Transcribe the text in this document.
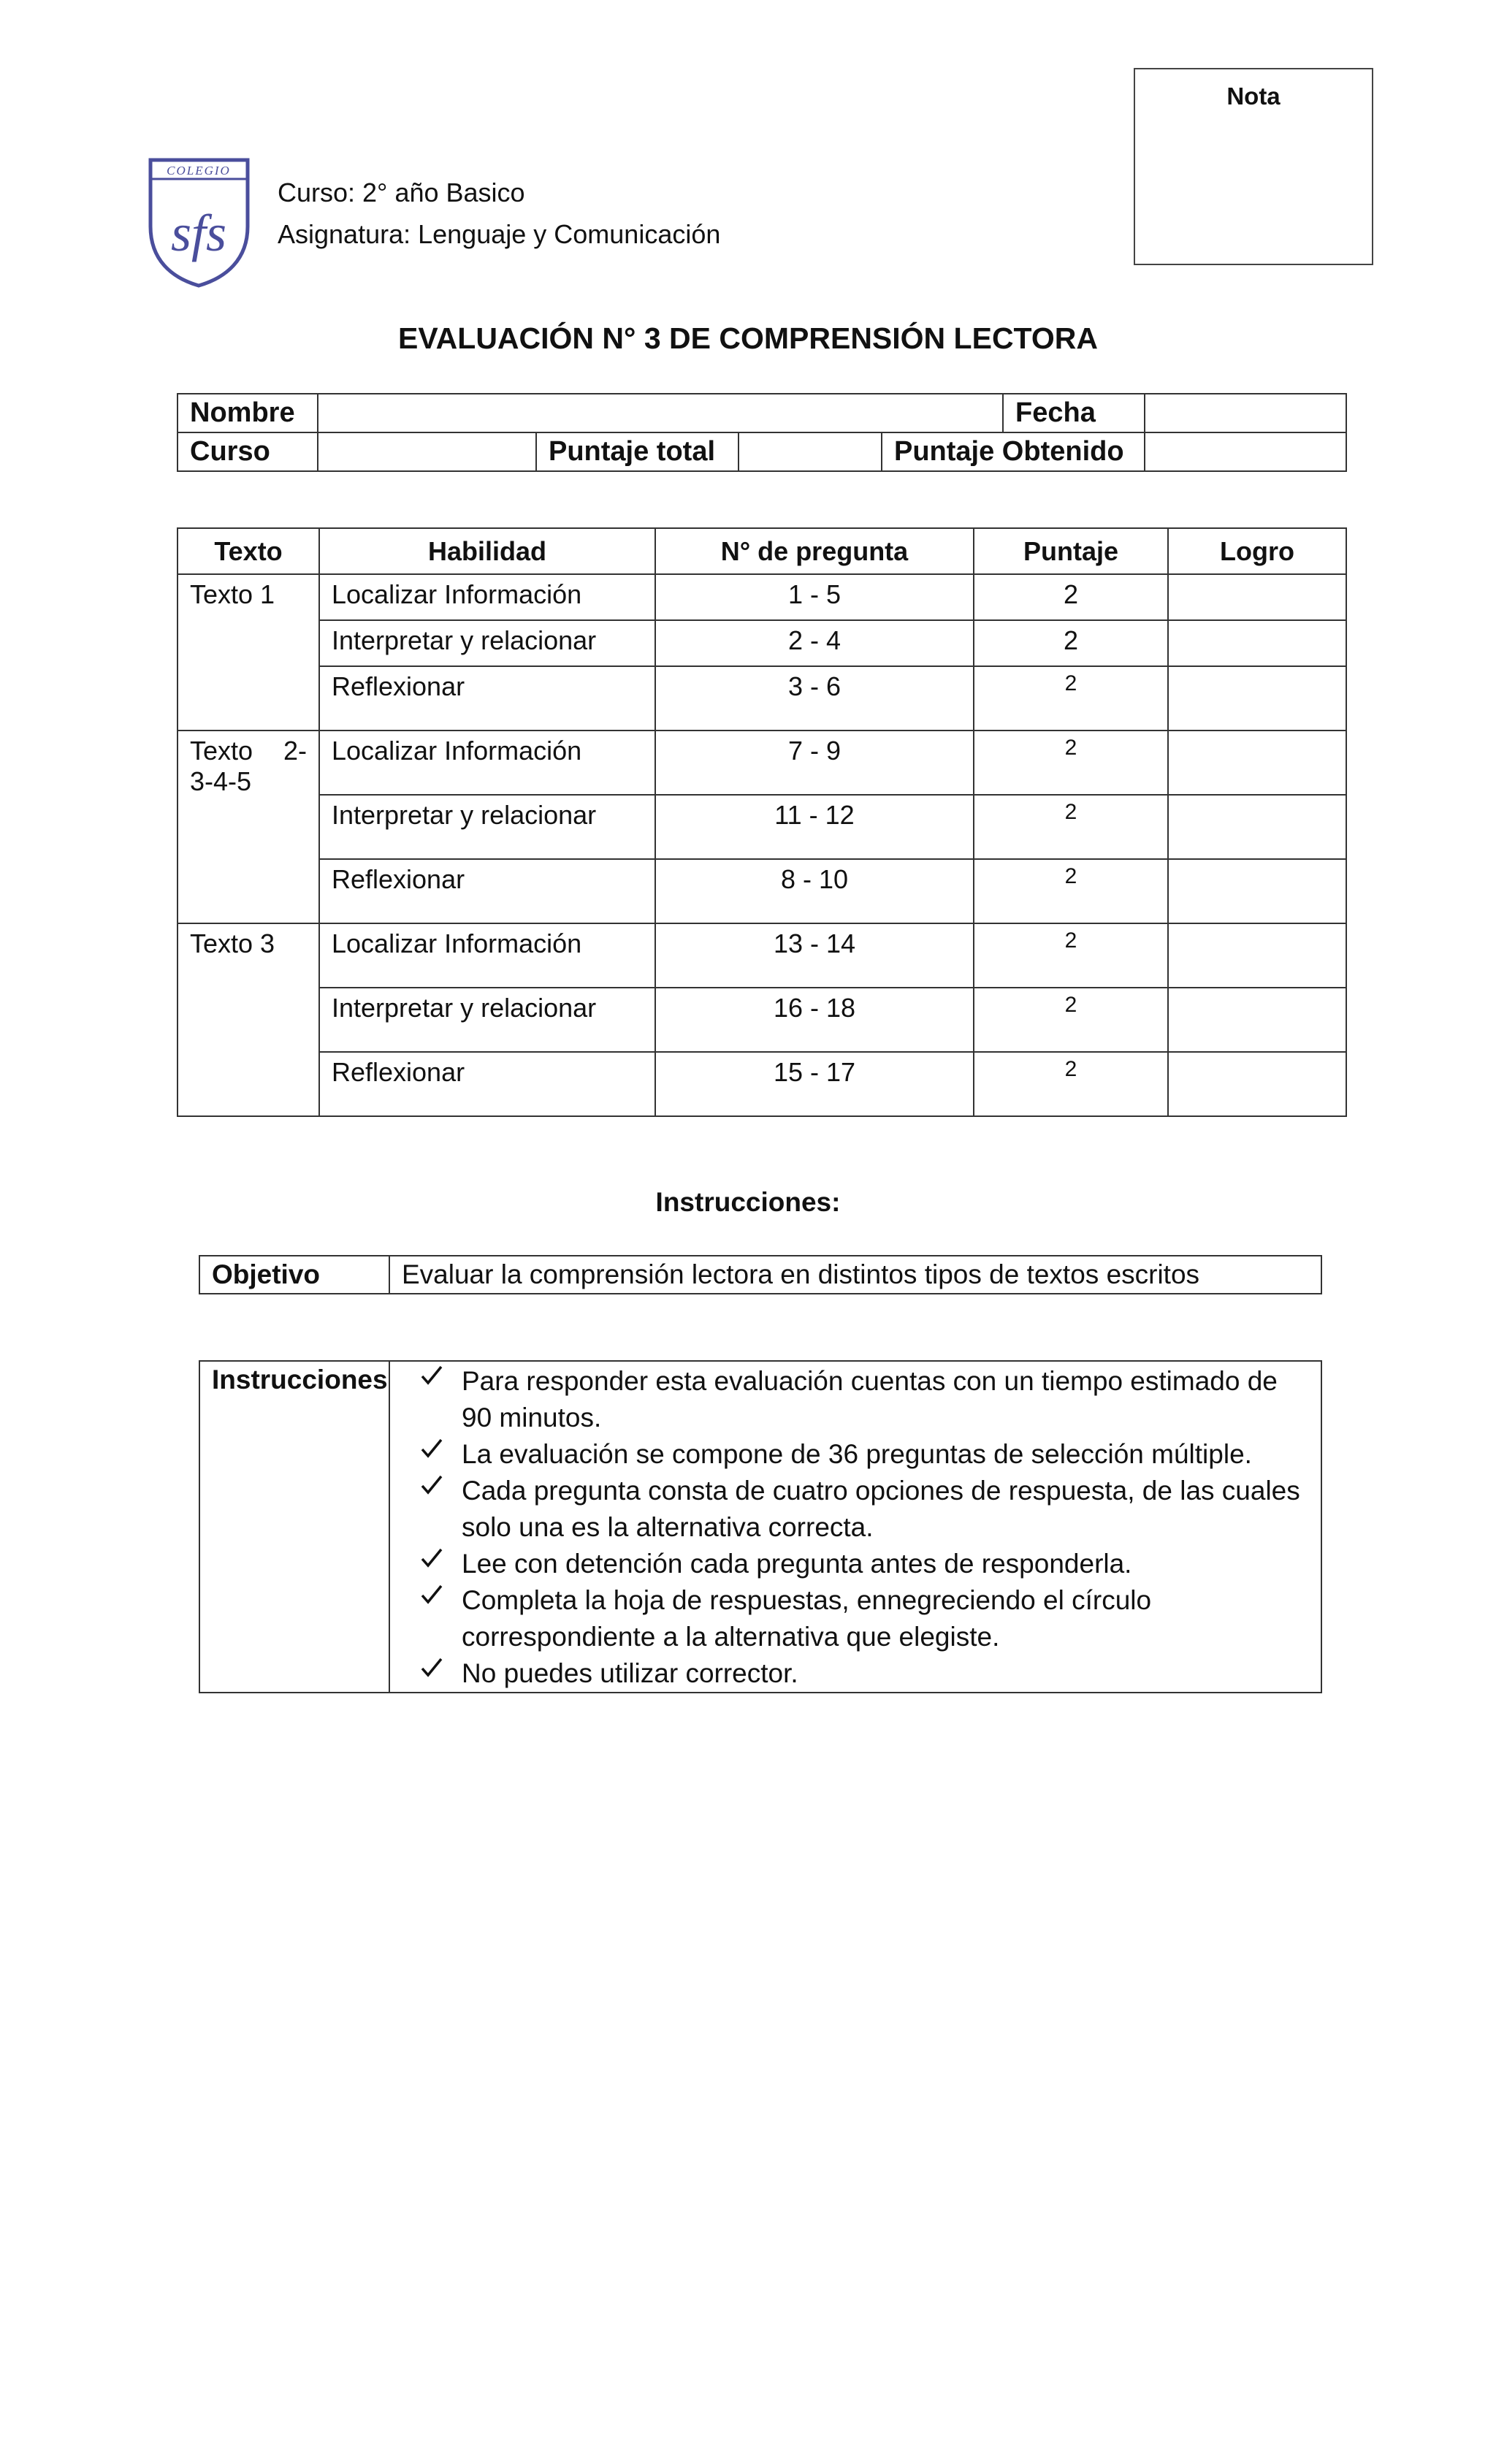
Nota
COLEGIO
sfs
Curso: 2° año Basico
Asignatura: Lenguaje y Comunicación
EVALUACIÓN N° 3 DE COMPRENSIÓN LECTORA
Nombre					Fecha	
Curso		Puntaje total		Puntaje Obtenido		
Texto	Habilidad	N° de pregunta	Puntaje	Logro
Texto 1	Localizar Información	1 - 5	2	
	Interpretar y relacionar	2 - 4	2	
	Reflexionar	3 - 6	2	
Texto 2- 3-4-5	Localizar Información	7 - 9	2	
	Interpretar y relacionar	11 - 12	2	
	Reflexionar	8 - 10	2	
Texto 3	Localizar Información	13 - 14	2	
	Interpretar y relacionar	16 - 18	2	
	Reflexionar	15 - 17	2	
Instrucciones:
Objetivo	Evaluar la comprensión lectora en distintos tipos de textos escritos
Instrucciones	Para responder esta evaluación cuentas con un tiempo estimado de 90 minutos.
La evaluación se compone de 36 preguntas de selección múltiple.
Cada pregunta consta de cuatro opciones de respuesta, de las cuales solo una es la alternativa correcta.
Lee con detención cada pregunta antes de responderla.
Completa la hoja de respuestas, ennegreciendo el círculo correspondiente a la alternativa que elegiste.
No puedes utilizar corrector.
